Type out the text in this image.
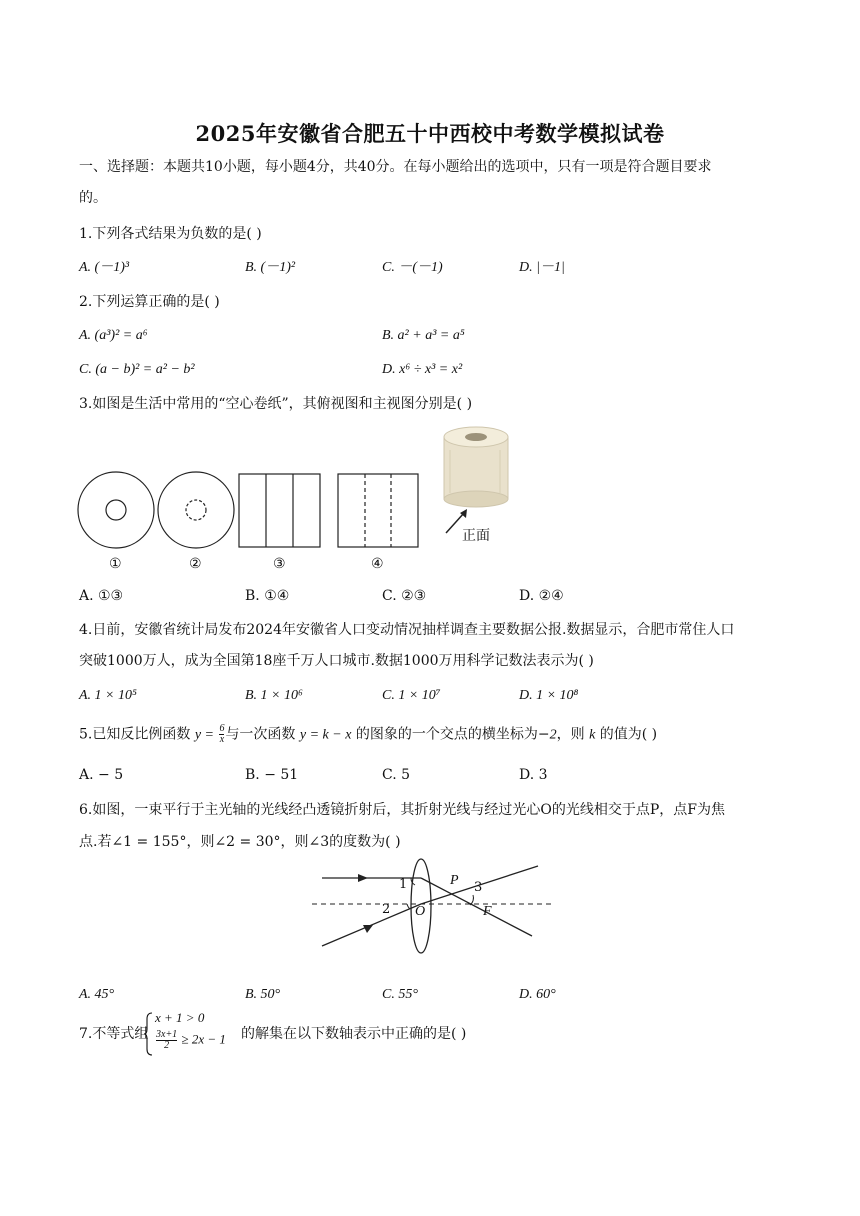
2025年安徽省合肥五十中西校中考数学模拟试卷
一、选择题：本题共10小题，每小题4分，共40分。在每小题给出的选项中，只有一项是符合题目要求
的。
1.下列各式结果为负数的是( )
A. (－1)³	B. (－1)²	C. －(－1)	D. |－1|
2.下列运算正确的是( )
A. (a³)² = a⁶	B. a² + a³ = a⁵
C. (a − b)² = a² − b²	D. x⁶ ÷ x³ = x²
3.如图是生活中常用的“空心卷纸”，其俯视图和主视图分别是( )
正面
①	②	③	④
A. ①③	B. ①④	C. ②③	D. ②④
4.日前，安徽省统计局发布2024年安徽省人口变动情况抽样调查主要数据公报.数据显示，合肥市常住人口
突破1000万人，成为全国第18座千万人口城市.数据1000万用科学记数法表示为( )
A. 1 × 10⁵	B. 1 × 10⁶	C. 1 × 10⁷	D. 1 × 10⁸
5.已知反比例函数 $y = \frac{6}{x}$ 与一次函数 y = k − x 的图象的一个交点的横坐标为−2，则 k 的值为( )
A. − 5	B. − 51	C. 5	D. 3
6.如图，一束平行于主光轴的光线经凸透镜折射后，其折射光线与经过光心O的光线相交于点P，点F为焦
点.若∠1 = 155°，则∠2 = 30°，则∠3的度数为( )
1
2
3
P
O	F
A. 45°	B. 50°	C. 55°	D. 60°
7.不等式组
x + 1 > 0
$\frac{3x+1}{2} \ge 2x - 1$ 的解集在以下数轴表示中正确的是( )
